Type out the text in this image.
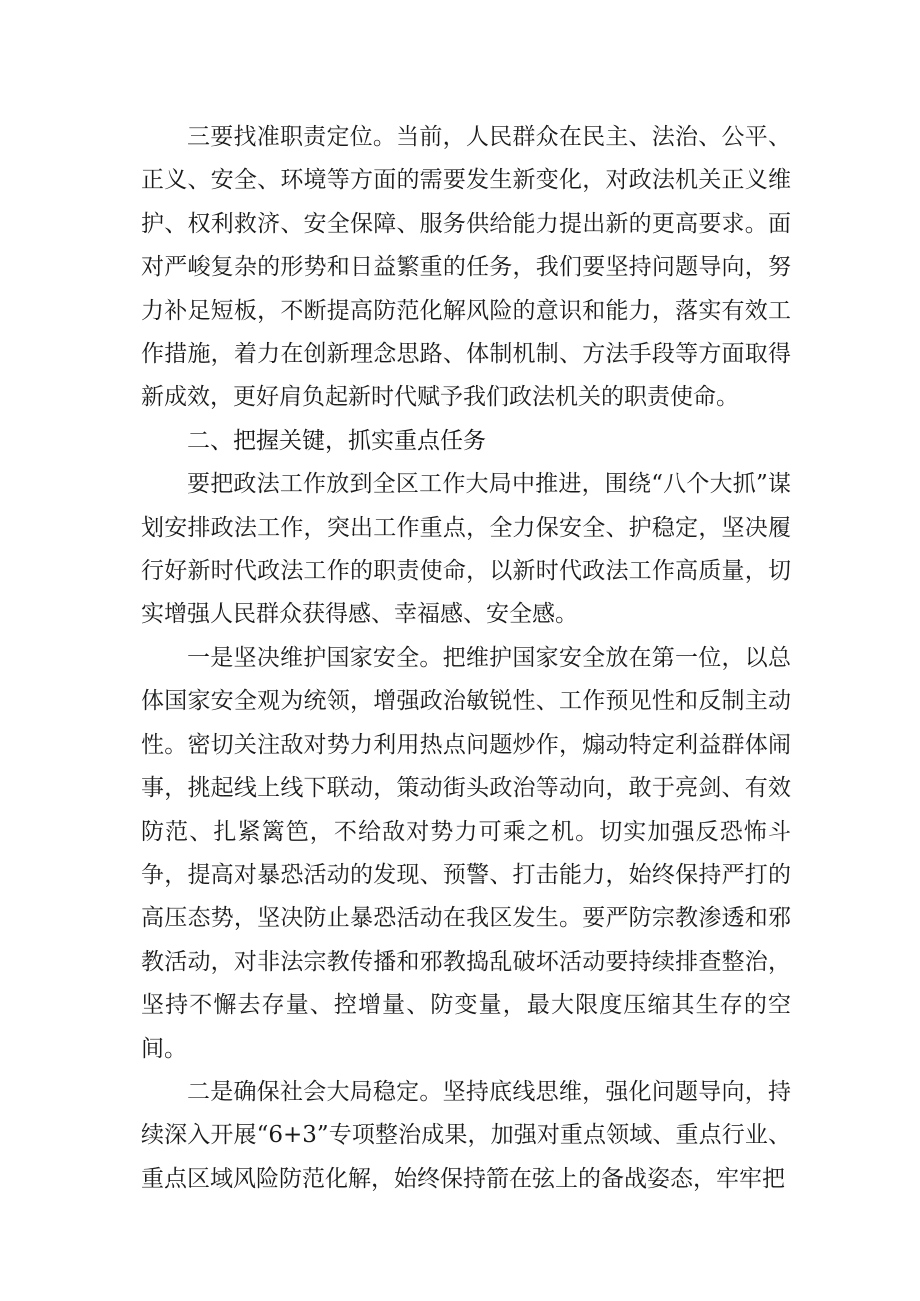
三要找准职责定位。当前，人民群众在民主、法治、公平、正义、安全、环境等方面的需要发生新变化，对政法机关正义维护、权利救济、安全保障、服务供给能力提出新的更高要求。面对严峻复杂的形势和日益繁重的任务，我们要坚持问题导向，努力补足短板，不断提高防范化解风险的意识和能力，落实有效工作措施，着力在创新理念思路、体制机制、方法手段等方面取得新成效，更好肩负起新时代赋予我们政法机关的职责使命。

二、把握关键，抓实重点任务

要把政法工作放到全区工作大局中推进，围绕“八个大抓”谋划安排政法工作，突出工作重点，全力保安全、护稳定，坚决履行好新时代政法工作的职责使命，以新时代政法工作高质量，切实增强人民群众获得感、幸福感、安全感。

一是坚决维护国家安全。把维护国家安全放在第一位，以总体国家安全观为统领，增强政治敏锐性、工作预见性和反制主动性。密切关注敌对势力利用热点问题炒作，煽动特定利益群体闹事，挑起线上线下联动，策动街头政治等动向，敢于亮剑、有效防范、扎紧篱笆，不给敌对势力可乘之机。切实加强反恐怖斗争，提高对暴恐活动的发现、预警、打击能力，始终保持严打的高压态势，坚决防止暴恐活动在我区发生。要严防宗教渗透和邪教活动，对非法宗教传播和邪教捣乱破坏活动要持续排查整治，坚持不懈去存量、控增量、防变量，最大限度压缩其生存的空间。

二是确保社会大局稳定。坚持底线思维，强化问题导向，持续深入开展“6+3”专项整治成果，加强对重点领域、重点行业、重点区域风险防范化解，始终保持箭在弦上的备战姿态，牢牢把
